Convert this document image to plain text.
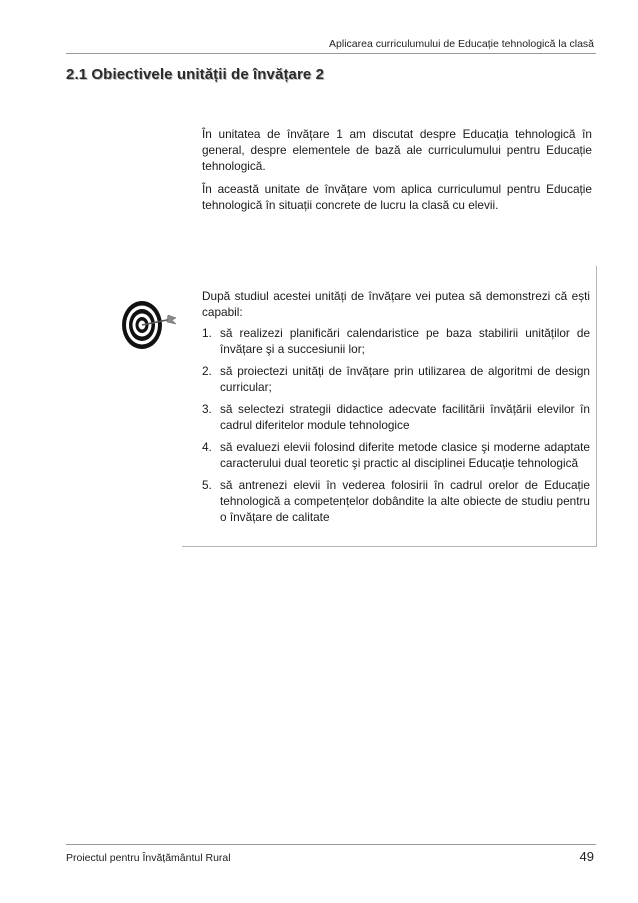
Aplicarea curriculumului de Educație tehnologică la clasă
2.1 Obiectivele unității de învățare 2

În unitatea de învățare 1 am discutat despre Educația tehnologică în general, despre elementele de bază ale curriculumului pentru Educație tehnologică.

În această unitate de învățare vom aplica curriculumul pentru Educație tehnologică în situații concrete de lucru la clasă cu elevii.

După studiul acestei unități de învățare vei putea să demonstrezi că ești capabil:

1. să realizezi planificări calendaristice pe baza stabilirii unităților de învățare şi a succesiunii lor;
2. să proiectezi unități de învățare prin utilizarea de algoritmi de design curricular;
3. să selectezi strategii didactice adecvate facilitării învățării elevilor în cadrul diferitelor module tehnologice
4. să evaluezi elevii folosind diferite metode clasice şi moderne adaptate caracterului dual teoretic şi practic al disciplinei Educație tehnologică
5. să antrenezi elevii în vederea folosirii în cadrul orelor de Educație tehnologică a competențelor dobândite la alte obiecte de studiu pentru o învățare de calitate
Proiectul pentru Învățământul Rural	49
